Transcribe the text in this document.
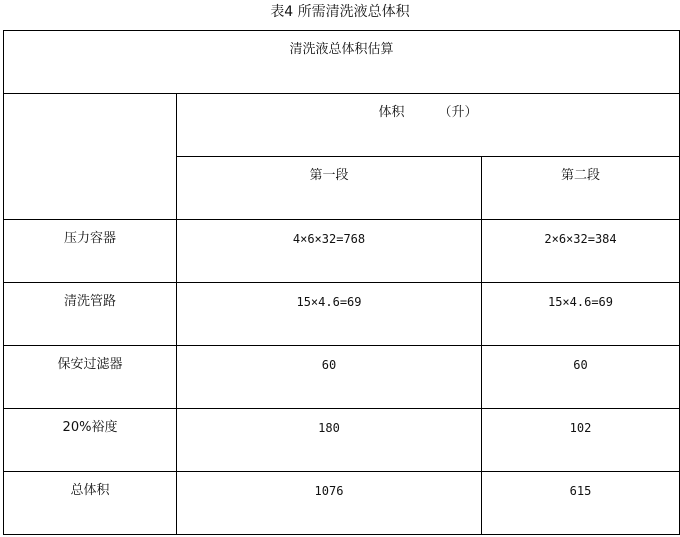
表4 所需清洗液总体积
清洗液总体积估算		

	体积 （升）	

	第一段	第二段

压力容器	4×6×32=768	2×6×32=384

清洗管路	15×4.6=69	15×4.6=69

保安过滤器	60	60

20%裕度	180	102

总体积	1076	615
